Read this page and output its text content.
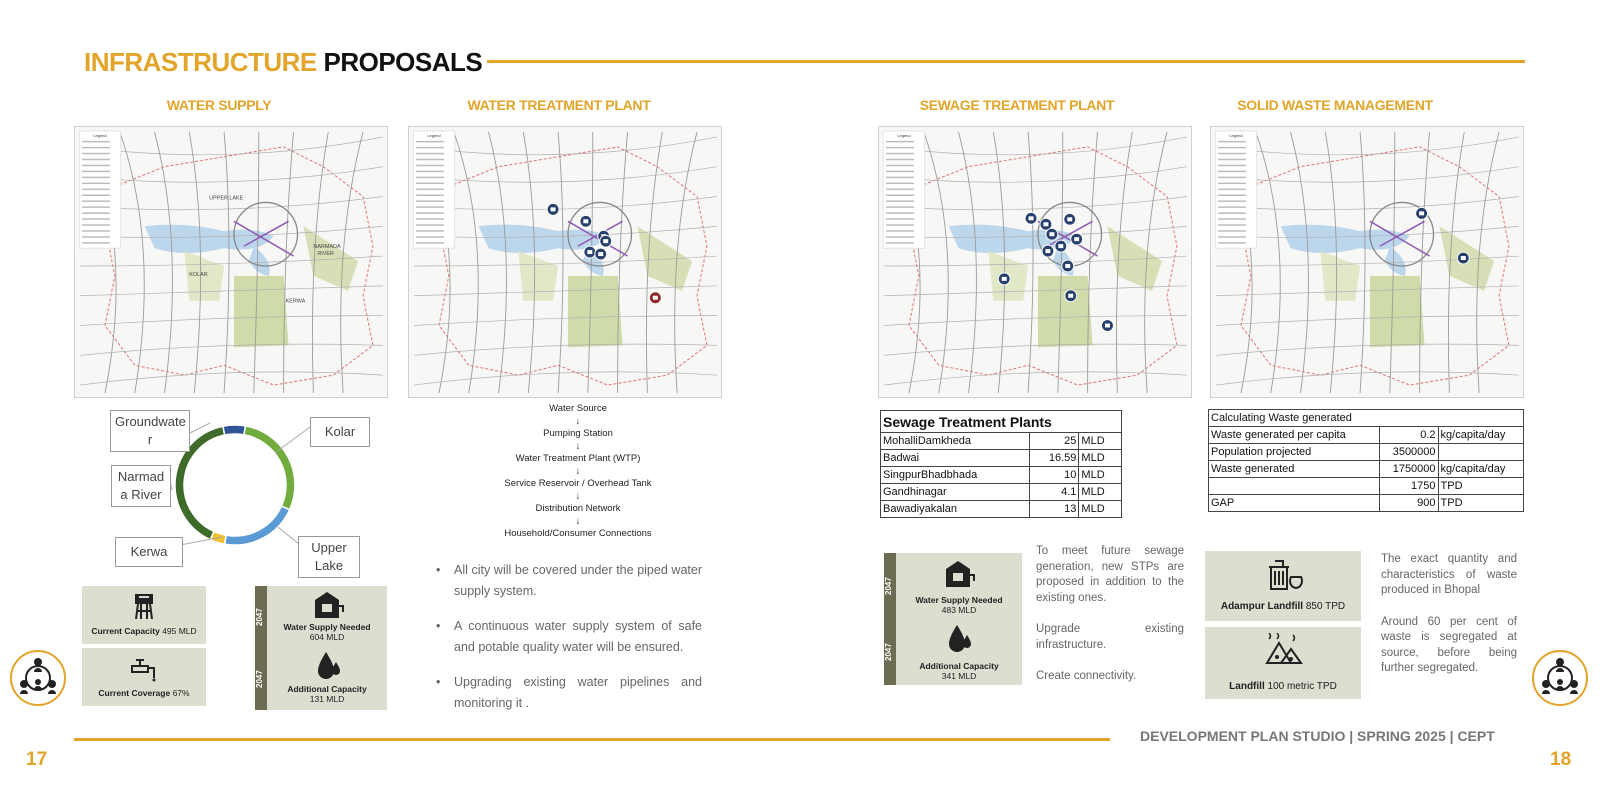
INFRASTRUCTURE PROPOSALS
WATER SUPPLY	WATER TREATMENT PLANT	SEWAGE TREATMENT PLANT	SOLID WASTE MANAGEMENT
Legend
UPPER LAKE
KOLAR
NARMADA
RIVER
KERWA
Legend	Legend	Legend
Groundwate r
Kolar
Narmad a River
Kerwa	Upper Lake
Current Capacity 495 MLD
Current Coverage 67%
2047
2047
Water Supply Needed
604 MLD
Additional Capacity
131 MLD
Water Source
↓
Pumping Station
↓
Water Treatment Plant (WTP)
↓
Service Reservoir / Overhead Tank
↓
Distribution Network
↓
Household/Consumer Connections
• All city will be covered under the piped water supply system.
• A continuous water supply system of safe and potable quality water will be ensured.
• Upgrading existing water pipelines and monitoring it .
Sewage Treatment Plants		
MohalliDamkheda	25	MLD
Badwai	16.59	MLD
SingpurBhadbhada	10	MLD
Gandhinagar	4.1	MLD
Bawadiyakalan	13	MLD
2047
2047
Water Supply Needed
483 MLD
Additional Capacity
341 MLD
To meet future sewage generation, new STPs are proposed in addition to the existing ones.
Upgrade existing infrastructure.
Create connectivity.
Calculating Waste generated		
Waste generated per capita	0.2	kg/capita/day
Population projected	3500000	
Waste generated	1750000	kg/capita/day
	1750	TPD
GAP	900	TPD
Adampur Landfill 850 TPD
Landfill 100 metric TPD
The exact quantity and characteristics of waste produced in Bhopal
Around 60 per cent of waste is segregated at source, before being further segregated.
DEVELOPMENT PLAN STUDIO | SPRING 2025 | CEPT
17	18
